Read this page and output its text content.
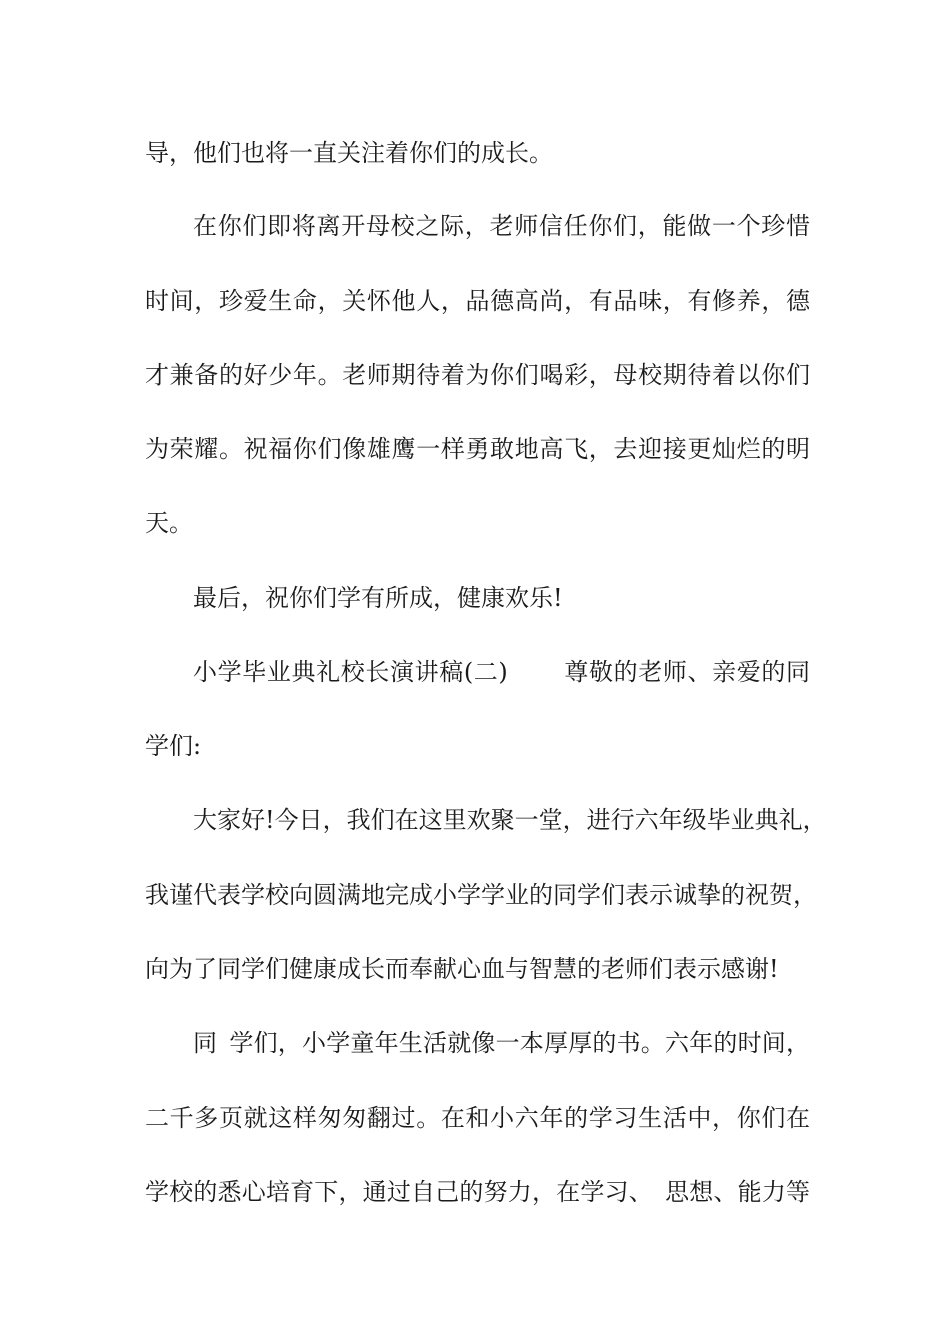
导，他们也将一直关注着你们的成长。
在你们即将离开母校之际，老师信任你们，能做一个珍惜
时间，珍爱生命，关怀他人，品德高尚，有品味，有修养，德
才兼备的好少年。老师期待着为你们喝彩，母校期待着以你们
为荣耀。祝福你们像雄鹰一样勇敢地高飞，去迎接更灿烂的明
天。
最后，祝你们学有所成，健康欢乐!
小学毕业典礼校长演讲稿(二) 尊敬的老师、亲爱的同
学们:
大家好!今日，我们在这里欢聚一堂，进行六年级毕业典礼，
我谨代表学校向圆满地完成小学学业的同学们表示诚挚的祝贺，
向为了同学们健康成长而奉献心血与智慧的老师们表示感谢!
同 学们，小学童年生活就像一本厚厚的书。六年的时间，
二千多页就这样匆匆翻过。在和小六年的学习生活中，你们在
学校的悉心培育下，通过自己的努力，在学习、 思想、能力等
